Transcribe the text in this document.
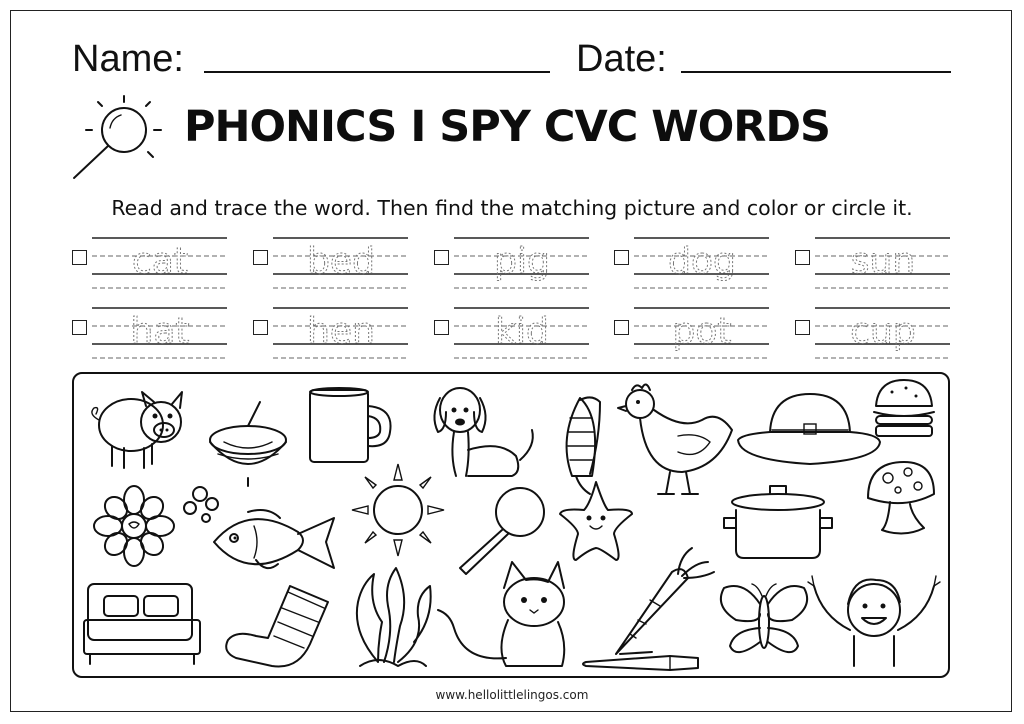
Name:	Date:
PHONICS I SPY CVC WORDS
Read and trace the word. Then find the matching picture and color or circle it.
cat	bed	pig	dog	sun
hat	hen	kid	pot	cup
www.hellolittlelingos.com
